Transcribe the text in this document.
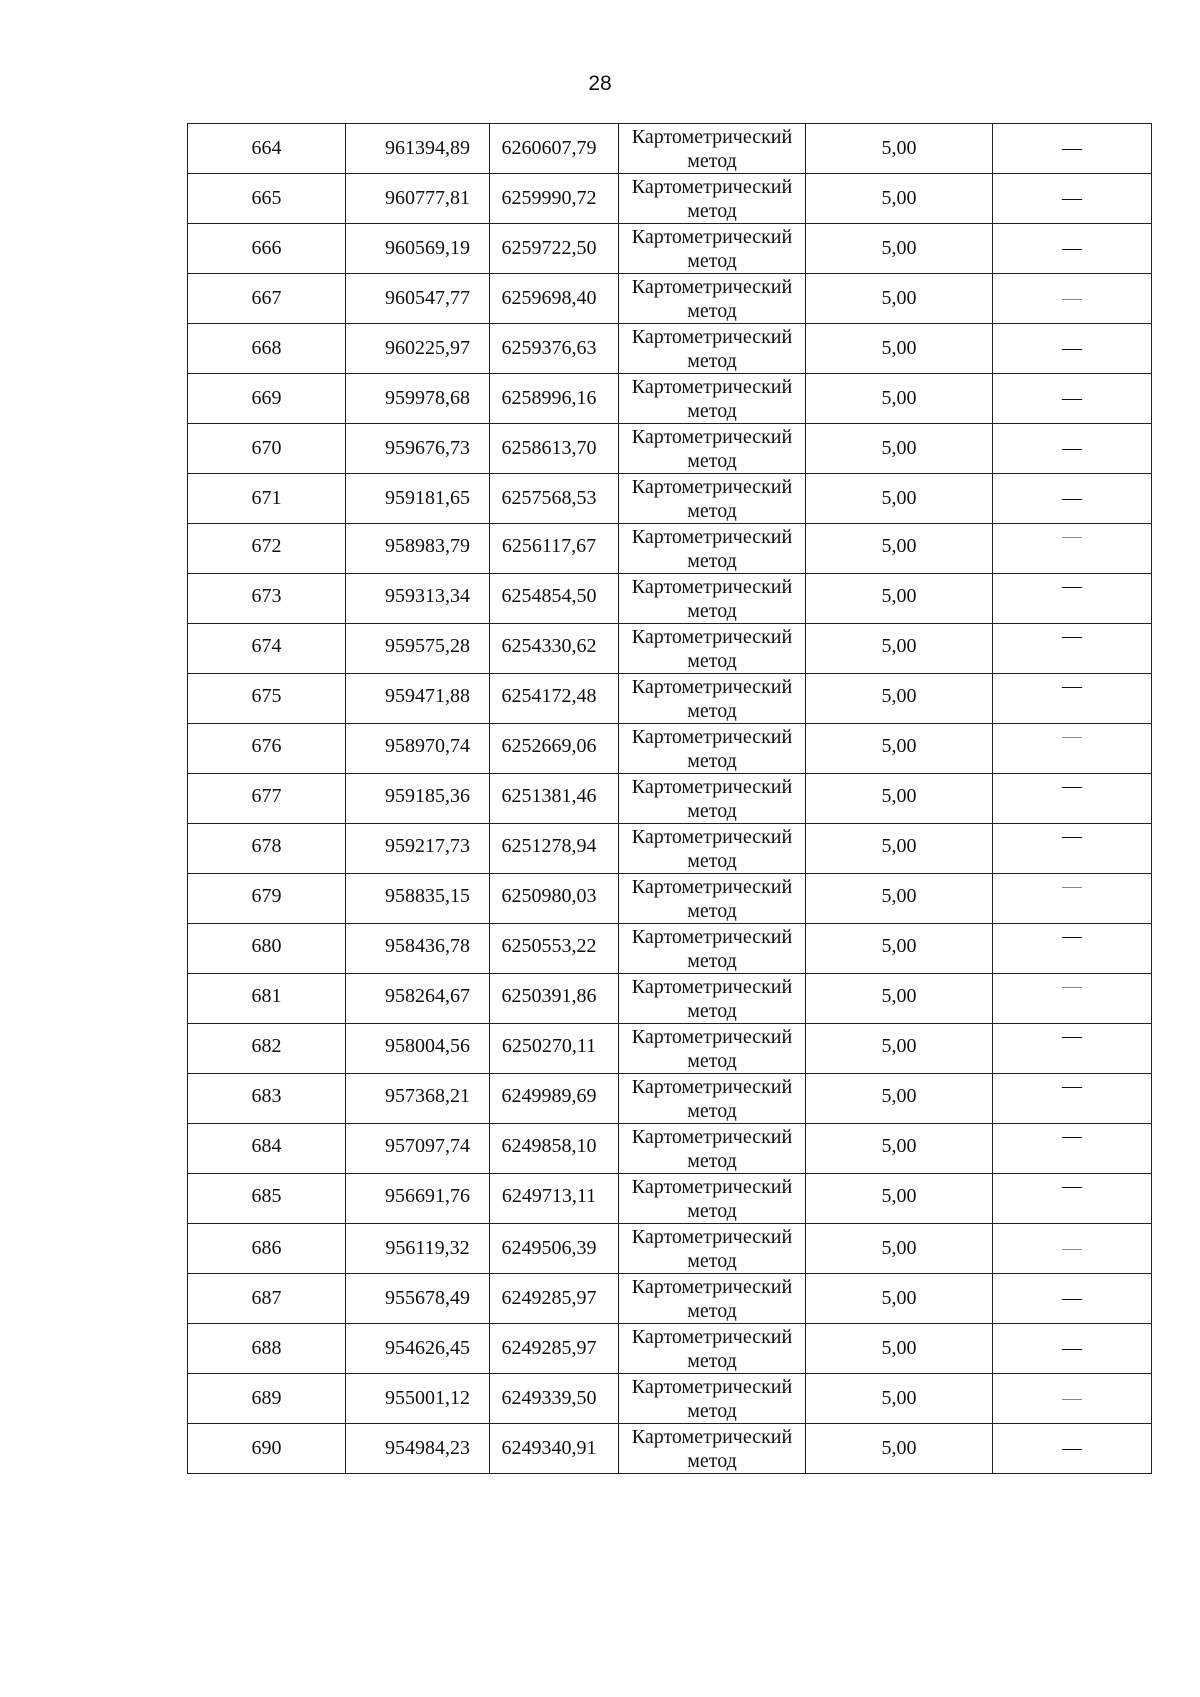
28
664	961394,89	6260607,79	Картометрический метод	5,00	—
665	960777,81	6259990,72	Картометрический метод	5,00	—
666	960569,19	6259722,50	Картометрический метод	5,00	—
667	960547,77	6259698,40	Картометрический метод	5,00	—
668	960225,97	6259376,63	Картометрический метод	5,00	—
669	959978,68	6258996,16	Картометрический метод	5,00	—
670	959676,73	6258613,70	Картометрический метод	5,00	—
671	959181,65	6257568,53	Картометрический метод	5,00	—
672	958983,79	6256117,67	Картометрический метод	5,00	—
673	959313,34	6254854,50	Картометрический метод	5,00	—
674	959575,28	6254330,62	Картометрический метод	5,00	—
675	959471,88	6254172,48	Картометрический метод	5,00	—
676	958970,74	6252669,06	Картометрический метод	5,00	—
677	959185,36	6251381,46	Картометрический метод	5,00	—
678	959217,73	6251278,94	Картометрический метод	5,00	—
679	958835,15	6250980,03	Картометрический метод	5,00	—
680	958436,78	6250553,22	Картометрический метод	5,00	—
681	958264,67	6250391,86	Картометрический метод	5,00	—
682	958004,56	6250270,11	Картометрический метод	5,00	—
683	957368,21	6249989,69	Картометрический метод	5,00	—
684	957097,74	6249858,10	Картометрический метод	5,00	—
685	956691,76	6249713,11	Картометрический метод	5,00	—
686	956119,32	6249506,39	Картометрический метод	5,00	—
687	955678,49	6249285,97	Картометрический метод	5,00	—
688	954626,45	6249285,97	Картометрический метод	5,00	—
689	955001,12	6249339,50	Картометрический метод	5,00	—
690	954984,23	6249340,91	Картометрический метод	5,00	—
